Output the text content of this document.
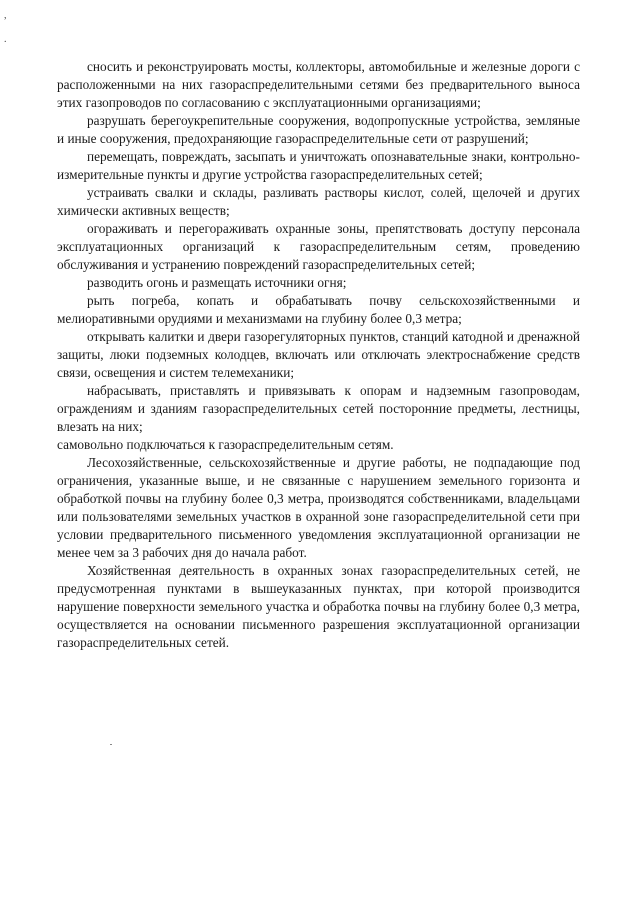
,
.

сносить и реконструировать мосты, коллекторы, автомобильные и железные дороги с расположенными на них газораспределительными сетями без предварительного выноса этих газопроводов по согласованию с эксплуатационными организациями;

разрушать берегоукрепительные сооружения, водопропускные устройства, земляные и иные сооружения, предохраняющие газораспределительные сети от разрушений;

перемещать, повреждать, засыпать и уничтожать опознавательные знаки, контрольно-измерительные пункты и другие устройства газораспределительных сетей;

устраивать свалки и склады, разливать растворы кислот, солей, щелочей и других химически активных веществ;

огораживать и перегораживать охранные зоны, препятствовать доступу персонала эксплуатационных организаций к газораспределительным сетям, проведению обслуживания и устранению повреждений газораспределительных сетей;

разводить огонь и размещать источники огня;

рыть погреба, копать и обрабатывать почву сельскохозяйственными и мелиоративными орудиями и механизмами на глубину более 0,3 метра;

открывать калитки и двери газорегуляторных пунктов, станций катодной и дренажной защиты, люки подземных колодцев, включать или отключать электроснабжение средств связи, освещения и систем телемеханики;

набрасывать, приставлять и привязывать к опорам и надземным газопроводам, ограждениям и зданиям газораспределительных сетей посторонние предметы, лестницы, влезать на них;

самовольно подключаться к газораспределительным сетям.

Лесохозяйственные, сельскохозяйственные и другие работы, не подпадающие под ограничения, указанные выше, и не связанные с нарушением земельного горизонта и обработкой почвы на глубину более 0,3 метра, производятся собственниками, владельцами или пользователями земельных участков в охранной зоне газораспределительной сети при условии предварительного письменного уведомления эксплуатационной организации не менее чем за 3 рабочих дня до начала работ.

Хозяйственная деятельность в охранных зонах газораспределительных сетей, не предусмотренная пунктами в вышеуказанных пунктах, при которой производится нарушение поверхности земельного участка и обработка почвы на глубину более 0,3 метра, осуществляется на основании письменного разрешения эксплуатационной организации газораспределительных сетей.
